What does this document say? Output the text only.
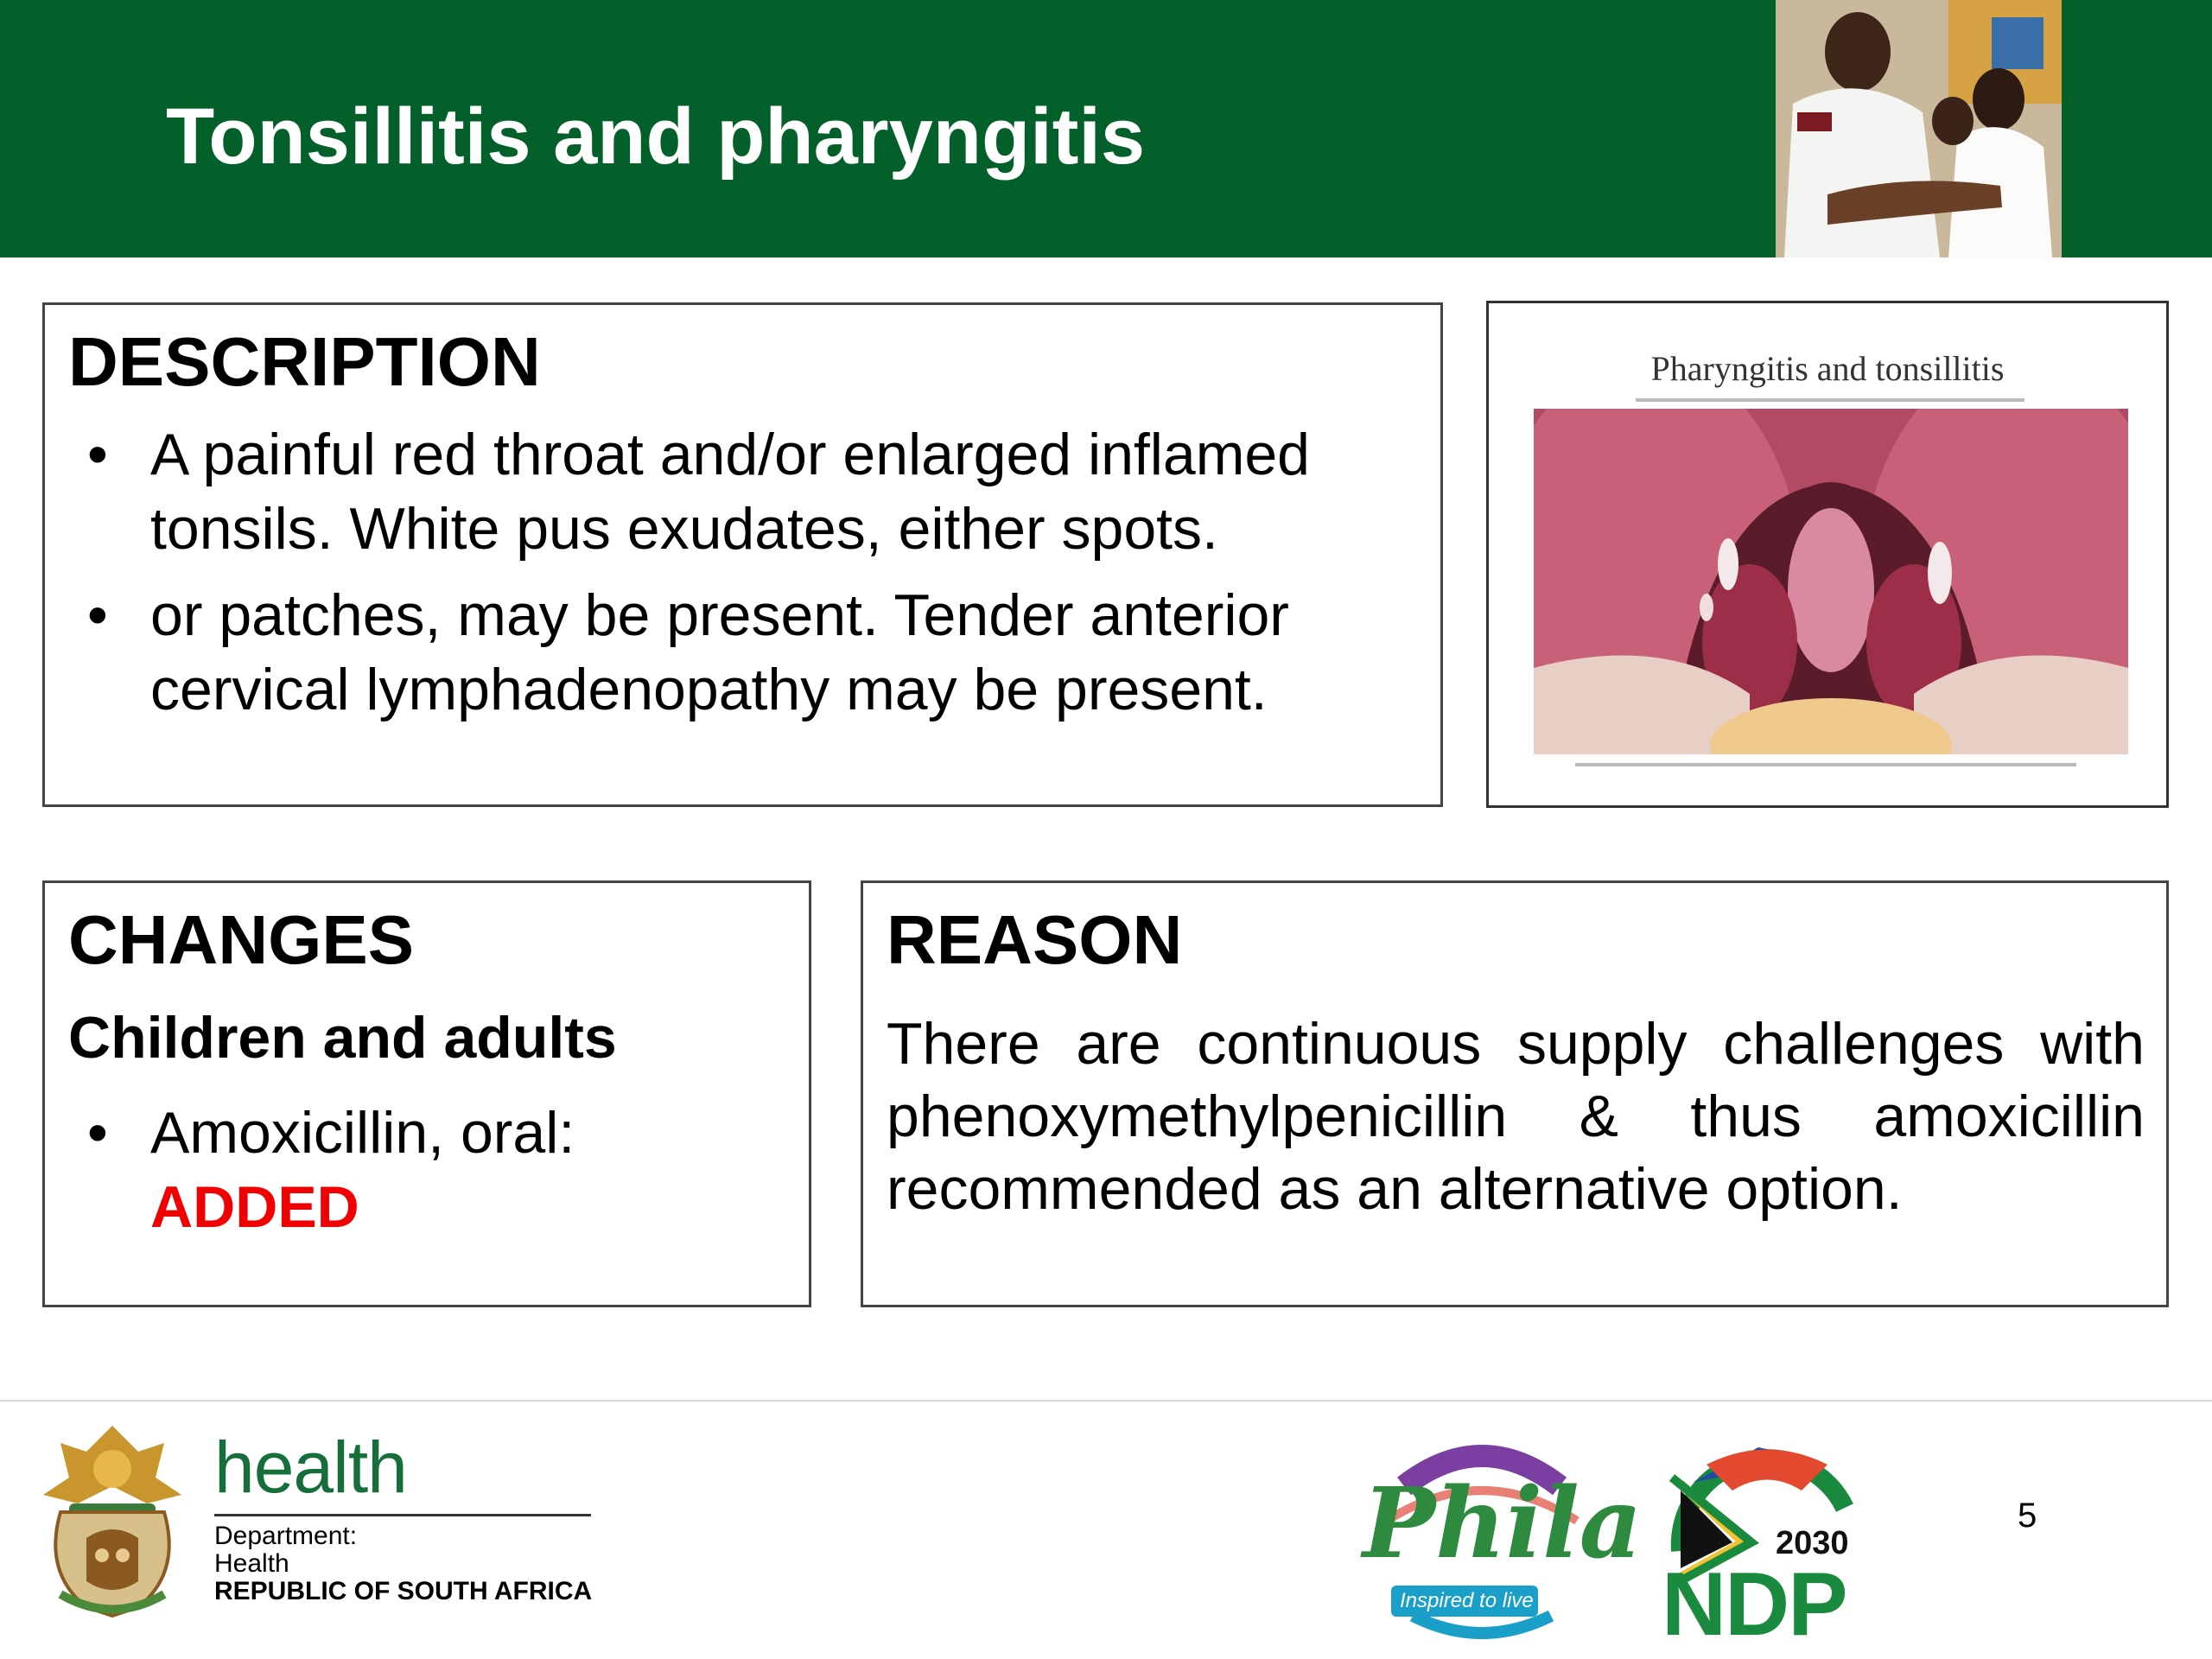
Tonsillitis and pharyngitis
DESCRIPTION
• A painful red throat and/or enlarged inflamed tonsils. White pus exudates, either spots.
• or patches, may be present. Tender anterior cervical lymphadenopathy may be present.
Pharyngitis and tonsillitis
CHANGES
Children and adults
• Amoxicillin, oral:
ADDED
REASON
There are continuous supply challenges with phenoxymethylpenicillin & thus amoxicillin recommended as an alternative option.
health
Department:
Health
REPUBLIC OF SOUTH AFRICA
Phila
Inspired to live
2030
NDP
5
